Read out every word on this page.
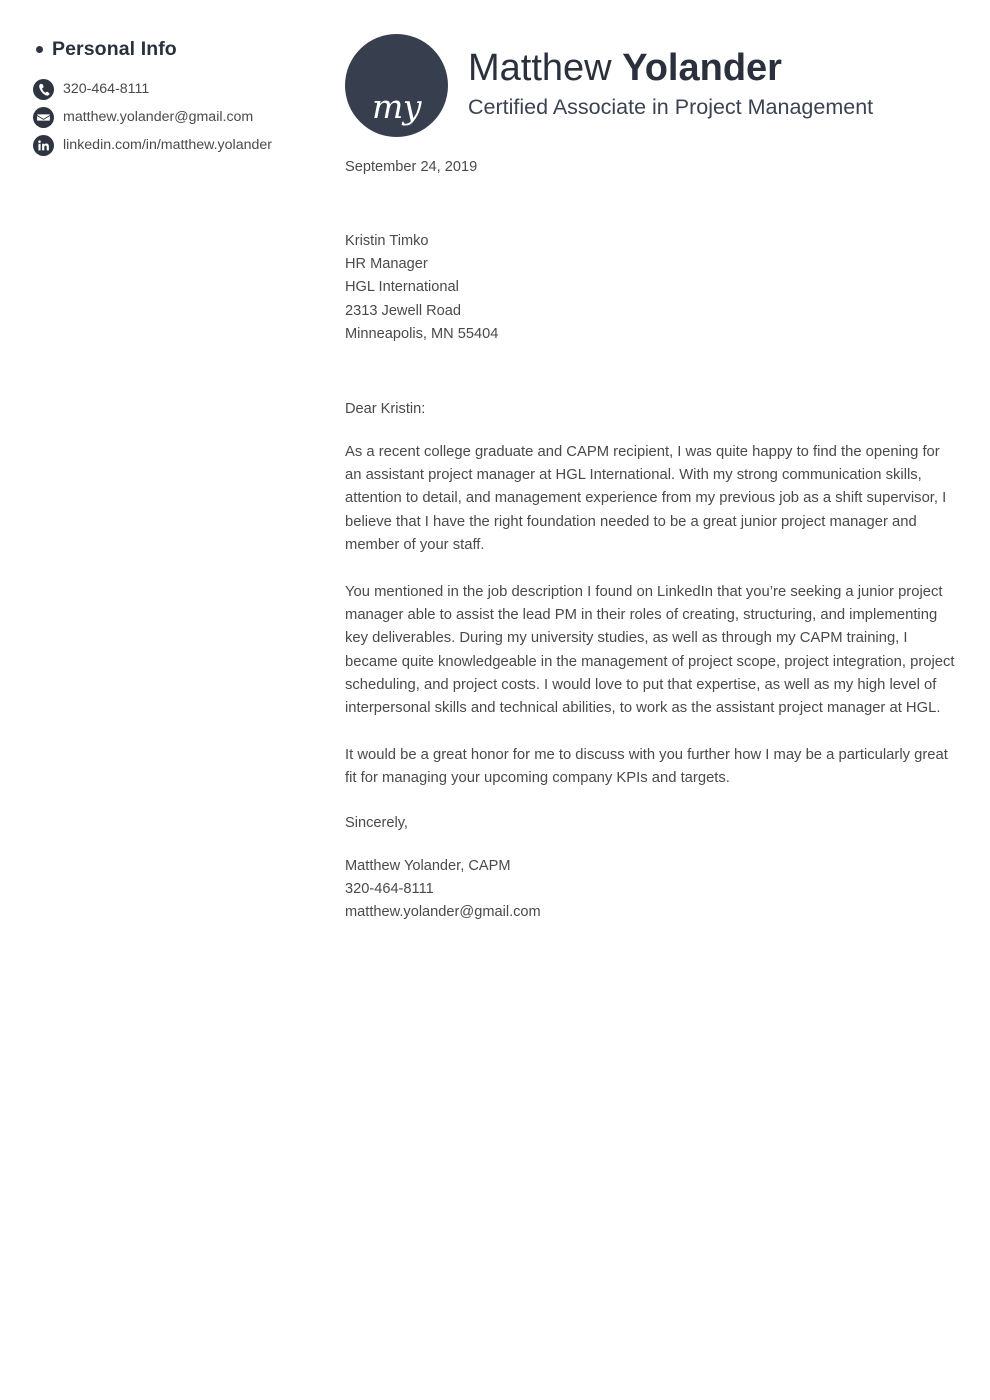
Personal Info
320-464-8111
matthew.yolander@gmail.com
linkedin.com/in/matthew.yolander
my
Matthew Yolander
Certified Associate in Project Management
September 24, 2019
Kristin Timko
HR Manager
HGL International
2313 Jewell Road
Minneapolis, MN 55404
Dear Kristin:
As a recent college graduate and CAPM recipient, I was quite happy to find the opening for an assistant project manager at HGL International. With my strong communication skills, attention to detail, and management experience from my previous job as a shift supervisor, I believe that I have the right foundation needed to be a great junior project manager and member of your staff.
You mentioned in the job description I found on LinkedIn that you’re seeking a junior project manager able to assist the lead PM in their roles of creating, structuring, and implementing key deliverables. During my university studies, as well as through my CAPM training, I became quite knowledgeable in the management of project scope, project integration, project scheduling, and project costs. I would love to put that expertise, as well as my high level of interpersonal skills and technical abilities, to work as the assistant project manager at HGL.
It would be a great honor for me to discuss with you further how I may be a particularly great fit for managing your upcoming company KPIs and targets.
Sincerely,
Matthew Yolander, CAPM
320-464-8111
matthew.yolander@gmail.com
